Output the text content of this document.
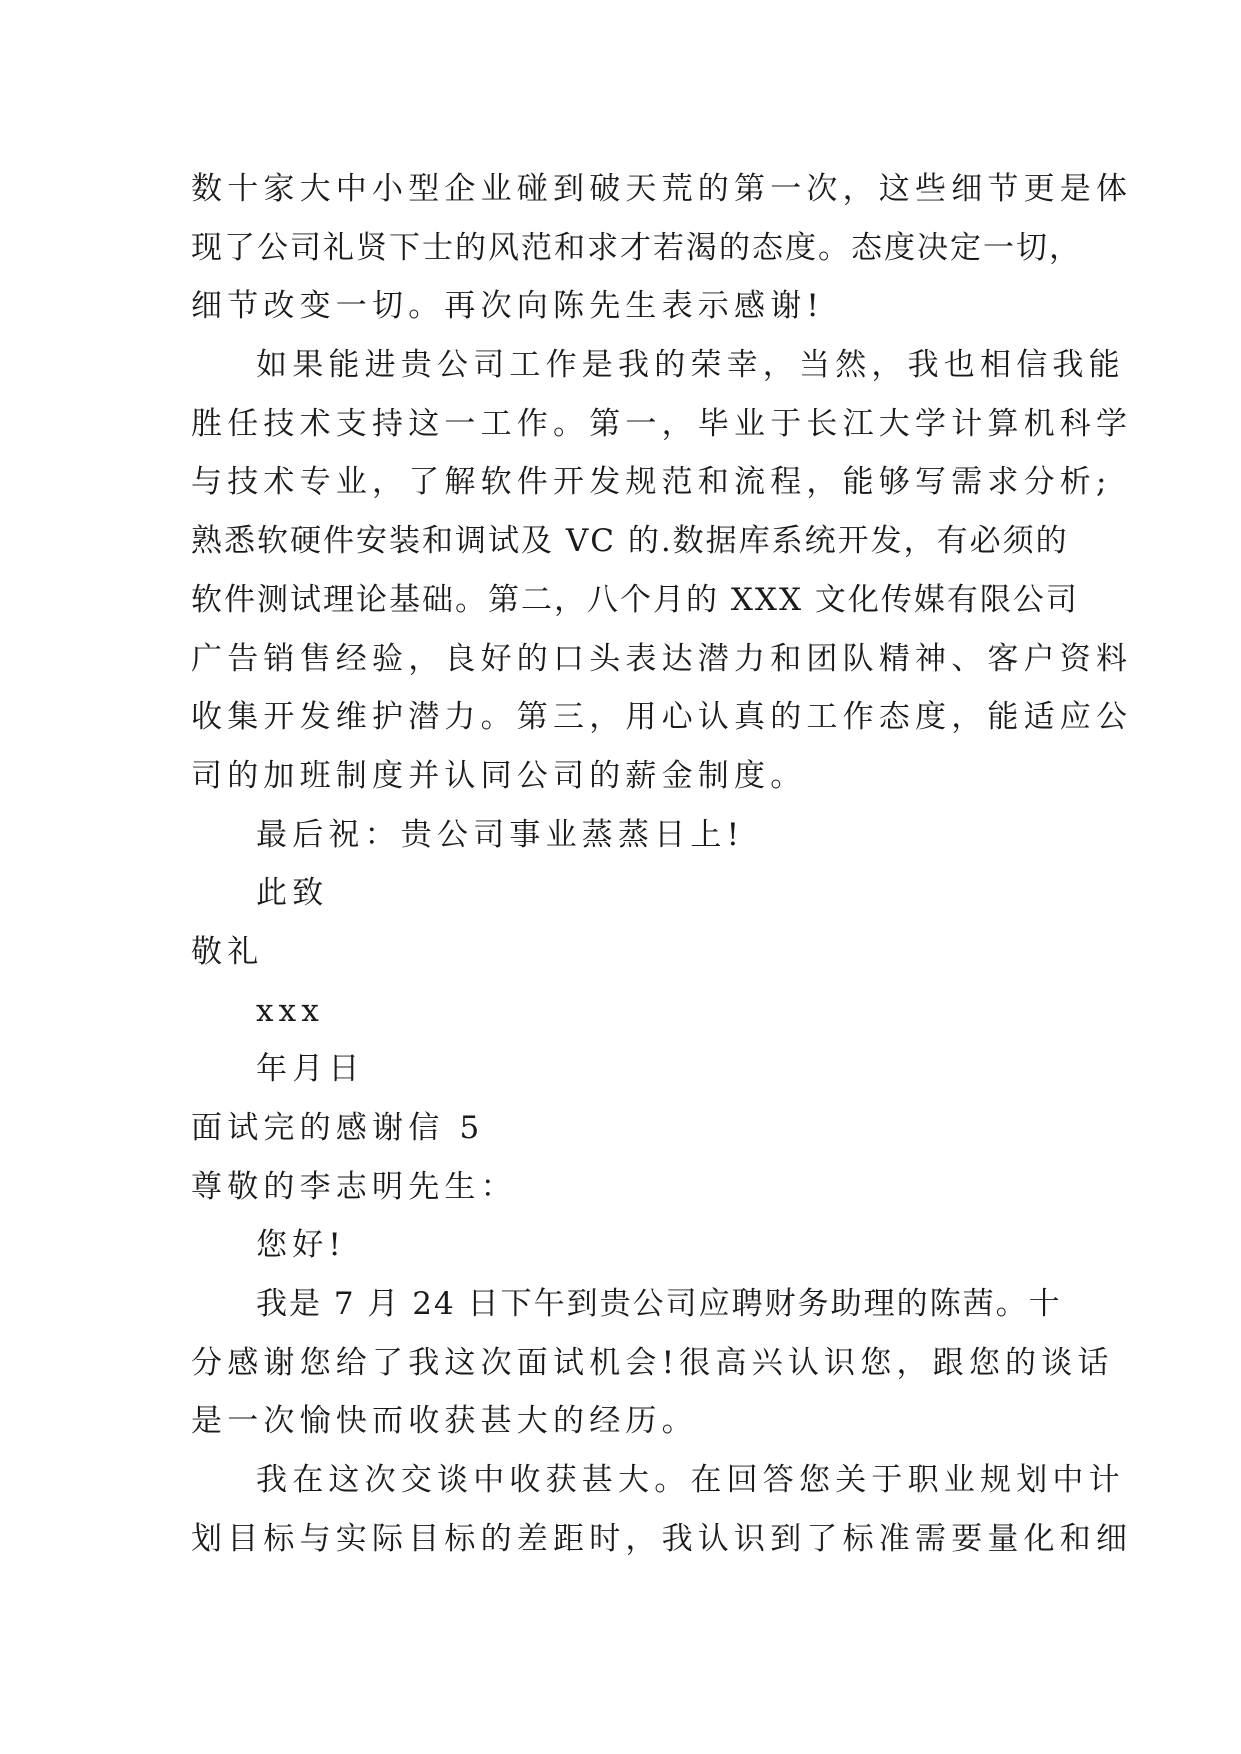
数十家大中小型企业碰到破天荒的第一次，这些细节更是体
现了公司礼贤下士的风范和求才若渴的态度。态度决定一切，
细节改变一切。再次向陈先生表示感谢!
如果能进贵公司工作是我的荣幸，当然，我也相信我能
胜任技术支持这一工作。第一，毕业于长江大学计算机科学
与技术专业，了解软件开发规范和流程，能够写需求分析;
熟悉软硬件安装和调试及 VC 的.数据库系统开发，有必须的
软件测试理论基础。第二，八个月的 XXX 文化传媒有限公司
广告销售经验，良好的口头表达潜力和团队精神、客户资料
收集开发维护潜力。第三，用心认真的工作态度，能适应公
司的加班制度并认同公司的薪金制度。
最后祝：贵公司事业蒸蒸日上!
此致
敬礼
xxx
年月日
面试完的感谢信 5
尊敬的李志明先生：
您好!
我是 7 月 24 日下午到贵公司应聘财务助理的陈茜。十
分感谢您给了我这次面试机会!很高兴认识您，跟您的谈话
是一次愉快而收获甚大的经历。
我在这次交谈中收获甚大。在回答您关于职业规划中计
划目标与实际目标的差距时，我认识到了标准需要量化和细
